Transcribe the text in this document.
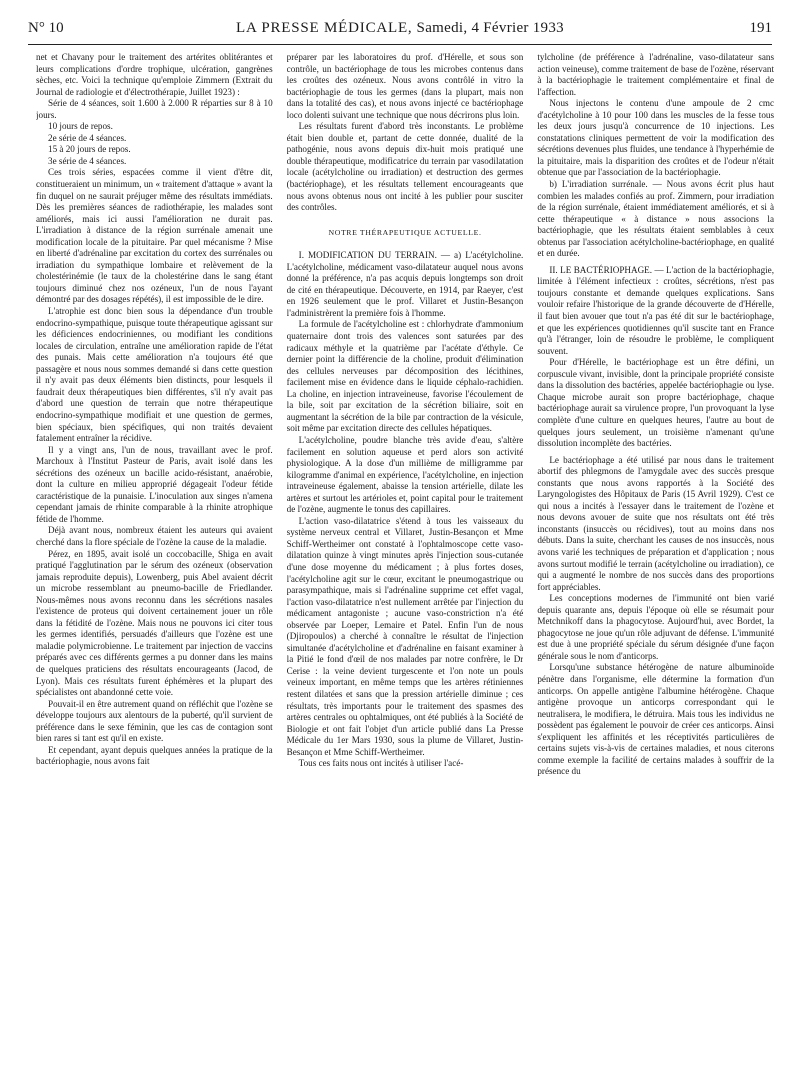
N° 10	LA PRESSE MÉDICALE, Samedi, 4 Février 1933	191

net et Chavany pour le traitement des artérites oblitérantes et leurs complications d'ordre trophique, ulcération, gangrènes sèches, etc. Voici la technique qu'emploie Zimmern (Extrait du Journal de radiologie et d'électrothérapie, Juillet 1923) :

Série de 4 séances, soit 1.600 à 2.000 R réparties sur 8 à 10 jours.

10 jours de repos.

2e série de 4 séances.

15 à 20 jours de repos.

3e série de 4 séances.

Ces trois séries, espacées comme il vient d'être dit, constitueraient un minimum, un « traitement d'attaque » avant la fin duquel on ne saurait préjuger même des résultats immédiats. Dès les premières séances de radiothérapie, les malades sont améliorés, mais ici aussi l'amélioration ne durait pas. L'irradiation à distance de la région surrénale amenait une modification locale de la pituitaire. Par quel mécanisme ? Mise en liberté d'adrénaline par excitation du cortex des surrénales ou irradiation du sympathique lombaire et relèvement de la cholestérinémie (le taux de la cholestérine dans le sang étant toujours diminué chez nos ozéneux, l'un de nous l'ayant démontré par des dosages répétés), il est impossible de le dire.

L'atrophie est donc bien sous la dépendance d'un trouble endocrino-sympathique, puisque toute thérapeutique agissant sur les déficiences endocriniennes, ou modifiant les conditions locales de circulation, entraîne une amélioration rapide de l'état des punais. Mais cette amélioration n'a toujours été que passagère et nous nous sommes demandé si dans cette question il n'y avait pas deux éléments bien distincts, pour lesquels il faudrait deux thérapeutiques bien différentes, s'il n'y avait pas d'abord une question de terrain que notre thérapeutique endocrino-sympathique modifiait et une question de germes, bien spéciaux, bien spécifiques, qui non traités devaient fatalement entraîner la récidive.

Il y a vingt ans, l'un de nous, travaillant avec le prof. Marchoux à l'Institut Pasteur de Paris, avait isolé dans les sécrétions des ozéneux un bacille acido-résistant, anaérobie, dont la culture en milieu approprié dégageait l'odeur fétide caractéristique de la punaisie. L'inoculation aux singes n'amena cependant jamais de rhinite comparable à la rhinite atrophique fétide de l'homme.

Déjà avant nous, nombreux étaient les auteurs qui avaient cherché dans la flore spéciale de l'ozène la cause de la maladie.

Pérez, en 1895, avait isolé un coccobacille, Shiga en avait pratiqué l'agglutination par le sérum des ozéneux (observation jamais reproduite depuis), Lowenberg, puis Abel avaient décrit un microbe ressemblant au pneumo-bacille de Friedlander. Nous-mêmes nous avons reconnu dans les sécrétions nasales l'existence de proteus qui doivent certainement jouer un rôle dans la fétidité de l'ozène. Mais nous ne pouvons ici citer tous les germes identifiés, persuadés d'ailleurs que l'ozène est une maladie polymicrobienne. Le traitement par injection de vaccins préparés avec ces différents germes a pu donner dans les mains de quelques praticiens des résultats encourageants (Jacod, de Lyon). Mais ces résultats furent éphémères et la plupart des spécialistes ont abandonné cette voie.

Pouvait-il en être autrement quand on réfléchit que l'ozène se développe toujours aux alentours de la puberté, qu'il survient de préférence dans le sexe féminin, que les cas de contagion sont bien rares si tant est qu'il en existe.

Et cependant, ayant depuis quelques années la pratique de la bactériophagie, nous avons fait

préparer par les laboratoires du prof. d'Hérelle, et sous son contrôle, un bactériophage de tous les microbes contenus dans les croûtes des ozéneux. Nous avons contrôlé in vitro la bactériophagie de tous les germes (dans la plupart, mais non dans la totalité des cas), et nous avons injecté ce bactériophage loco dolenti suivant une technique que nous décrirons plus loin.

Les résultats furent d'abord très inconstants. Le problème était bien double et, partant de cette donnée, dualité de la pathogénie, nous avons depuis dix-huit mois pratiqué une double thérapeutique, modificatrice du terrain par vasodilatation locale (acétylcholine ou irradiation) et destruction des germes (bactériophage), et les résultats tellement encourageants que nous avons obtenus nous ont incité à les publier pour susciter des contrôles.

NOTRE THÉRAPEUTIQUE ACTUELLE.

I. MODIFICATION DU TERRAIN. — a) L'acétylcholine. L'acétylcholine, médicament vaso-dilatateur auquel nous avons donné la préférence, n'a pas acquis depuis longtemps son droit de cité en thérapeutique. Découverte, en 1914, par Raeyer, c'est en 1926 seulement que le prof. Villaret et Justin-Besançon l'administrèrent la première fois à l'homme.

La formule de l'acétylcholine est : chlorhydrate d'ammonium quaternaire dont trois des valences sont saturées par des radicaux méthyle et la quatrième par l'acétate d'éthyle. Ce dernier point la différencie de la choline, produit d'élimination des cellules nerveuses par décomposition des lécithines, facilement mise en évidence dans le liquide céphalo-rachidien. La choline, en injection intraveineuse, favorise l'écoulement de la bile, soit par excitation de la sécrétion biliaire, soit en augmentant la sécrétion de la bile par contraction de la vésicule, soit même par excitation directe des cellules hépatiques.

L'acétylcholine, poudre blanche très avide d'eau, s'altère facilement en solution aqueuse et perd alors son activité physiologique. A la dose d'un millième de milligramme par kilogramme d'animal en expérience, l'acétylcholine, en injection intraveineuse également, abaisse la tension artérielle, dilate les artères et surtout les artérioles et, point capital pour le traitement de l'ozène, augmente le tonus des capillaires.

L'action vaso-dilatatrice s'étend à tous les vaisseaux du système nerveux central et Villaret, Justin-Besançon et Mme Schiff-Wertheimer ont constaté à l'ophtalmoscope cette vaso-dilatation quinze à vingt minutes après l'injection sous-cutanée d'une dose moyenne du médicament ; à plus fortes doses, l'acétylcholine agit sur le cœur, excitant le pneumogastrique ou parasympathique, mais si l'adrénaline supprime cet effet vagal, l'action vaso-dilatatrice n'est nullement arrêtée par l'injection du médicament antagoniste ; aucune vaso-constriction n'a été observée par Loeper, Lemaire et Patel. Enfin l'un de nous (Djiropoulos) a cherché à connaître le résultat de l'injection simultanée d'acétylcholine et d'adrénaline en faisant examiner à la Pitié le fond d'œil de nos malades par notre confrère, le Dr Cerise : la veine devient turgescente et l'on note un pouls veineux important, en même temps que les artères rétiniennes restent dilatées et sans que la pression artérielle diminue ; ces résultats, très importants pour le traitement des spasmes des artères centrales ou ophtalmiques, ont été publiés à la Société de Biologie et ont fait l'objet d'un article publié dans La Presse Médicale du 1er Mars 1930, sous la plume de Villaret, Justin-Besançon et Mme Schiff-Wertheimer.

Tous ces faits nous ont incités à utiliser l'acé-

tylcholine (de préférence à l'adrénaline, vaso-dilatateur sans action veineuse), comme traitement de base de l'ozène, réservant à la bactériophagie le traitement complémentaire et final de l'affection.

Nous injectons le contenu d'une ampoule de 2 cmc d'acétylcholine à 10 pour 100 dans les muscles de la fesse tous les deux jours jusqu'à concurrence de 10 injections. Les constatations cliniques permettent de voir la modification des sécrétions devenues plus fluides, une tendance à l'hyperhémie de la pituitaire, mais la disparition des croûtes et de l'odeur n'était obtenue que par l'association de la bactériophagie.

b) L'irradiation surrénale. — Nous avons écrit plus haut combien les malades confiés au prof. Zimmern, pour irradiation de la région surrénale, étaient immédiatement améliorés, et si à cette thérapeutique « à distance » nous associons la bactériophagie, que les résultats étaient semblables à ceux obtenus par l'association acétylcholine-bactériophage, en qualité et en durée.

II. LE BACTÉRIOPHAGE. — L'action de la bactériophagie, limitée à l'élément infectieux : croûtes, sécrétions, n'est pas toujours constante et demande quelques explications. Sans vouloir refaire l'historique de la grande découverte de d'Hérelle, il faut bien avouer que tout n'a pas été dit sur le bactériophage, et que les expériences quotidiennes qu'il suscite tant en France qu'à l'étranger, loin de résoudre le problème, le compliquent souvent.

Pour d'Hérelle, le bactériophage est un être défini, un corpuscule vivant, invisible, dont la principale propriété consiste dans la dissolution des bactéries, appelée bactériophagie ou lyse. Chaque microbe aurait son propre bactériophage, chaque bactériophage aurait sa virulence propre, l'un provoquant la lyse complète d'une culture en quelques heures, l'autre au bout de quelques jours seulement, un troisième n'amenant qu'une dissolution incomplète des bactéries.

Le bactériophage a été utilisé par nous dans le traitement abortif des phlegmons de l'amygdale avec des succès presque constants que nous avons rapportés à la Société des Laryngologistes des Hôpitaux de Paris (15 Avril 1929). C'est ce qui nous a incités à l'essayer dans le traitement de l'ozène et nous devons avouer de suite que nos résultats ont été très inconstants (insuccès ou récidives), tout au moins dans nos débuts. Dans la suite, cherchant les causes de nos insuccès, nous avons varié les techniques de préparation et d'application ; nous avons surtout modifié le terrain (acétylcholine ou irradiation), ce qui a augmenté le nombre de nos succès dans des proportions fort appréciables.

Les conceptions modernes de l'immunité ont bien varié depuis quarante ans, depuis l'époque où elle se résumait pour Metchnikoff dans la phagocytose. Aujourd'hui, avec Bordet, la phagocytose ne joue qu'un rôle adjuvant de défense. L'immunité est due à une propriété spéciale du sérum désignée d'une façon générale sous le nom d'anticorps.

Lorsqu'une substance hétérogène de nature albuminoïde pénètre dans l'organisme, elle détermine la formation d'un anticorps. On appelle antigène l'albumine hétérogène. Chaque antigène provoque un anticorps correspondant qui le neutralisera, le modifiera, le détruira. Mais tous les individus ne possèdent pas également le pouvoir de créer ces anticorps. Ainsi s'expliquent les affinités et les réceptivités particulières de certains sujets vis-à-vis de certaines maladies, et nous citerons comme exemple la facilité de certains malades à souffrir de la présence du
